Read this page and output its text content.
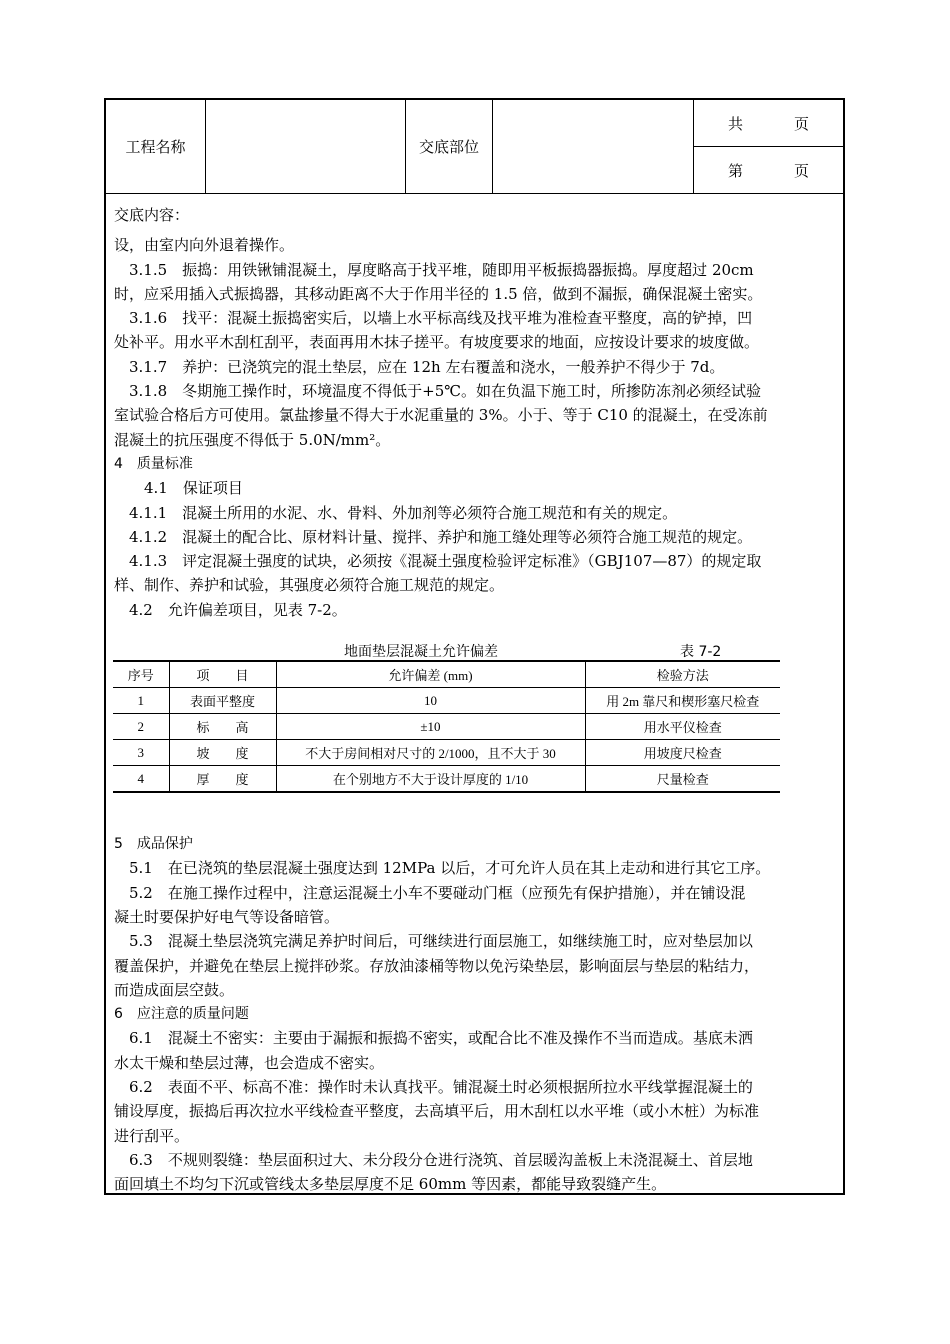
工程名称	交底部位
共	页
第	页
交底内容：
设，由室内向外退着操作。
　3.1.5　振捣：用铁锹铺混凝土，厚度略高于找平堆，随即用平板振捣器振捣。厚度超过 20cm
时，应采用插入式振捣器，其移动距离不大于作用半径的 1.5 倍，做到不漏振，确保混凝土密实。
　3.1.6　找平：混凝土振捣密实后，以墙上水平标高线及找平堆为准检查平整度，高的铲掉，凹
处补平。用水平木刮杠刮平，表面再用木抹子搓平。有坡度要求的地面，应按设计要求的坡度做。
　3.1.7　养护：已浇筑完的混土垫层，应在 12h 左右覆盖和浇水，一般养护不得少于 7d。
　3.1.8　冬期施工操作时，环境温度不得低于+5℃。如在负温下施工时，所掺防冻剂必须经试验
室试验合格后方可使用。氯盐掺量不得大于水泥重量的 3%。小于、等于 C10 的混凝土，在受冻前
混凝土的抗压强度不得低于 5.0N/mm²。
4　质量标准
　　4.1　保证项目
　4.1.1　混凝土所用的水泥、水、骨料、外加剂等必须符合施工规范和有关的规定。
　4.1.2　混凝土的配合比、原材料计量、搅拌、养护和施工缝处理等必须符合施工规范的规定。
　4.1.3　评定混凝土强度的试块，必须按《混凝土强度检验评定标准》（GBJ107—87）的规定取
样、制作、养护和试验，其强度必须符合施工规范的规定。
　4.2　允许偏差项目，见表 7-2。
5　成品保护
　5.1　在已浇筑的垫层混凝土强度达到 12MPa 以后，才可允许人员在其上走动和进行其它工序。
　5.2　在施工操作过程中，注意运混凝土小车不要碰动门框（应预先有保护措施），并在铺设混
凝土时要保护好电气等设备暗管。
　5.3　混凝土垫层浇筑完满足养护时间后，可继续进行面层施工，如继续施工时，应对垫层加以
覆盖保护，并避免在垫层上搅拌砂浆。存放油漆桶等物以免污染垫层，影响面层与垫层的粘结力，
而造成面层空鼓。
6　应注意的质量问题
　6.1　混凝土不密实：主要由于漏振和振捣不密实，或配合比不准及操作不当而造成。基底未洒
水太干燥和垫层过薄，也会造成不密实。
　6.2　表面不平、标高不准：操作时未认真找平。铺混凝土时必须根据所拉水平线掌握混凝土的
铺设厚度，振捣后再次拉水平线检查平整度，去高填平后，用木刮杠以水平堆（或小木桩）为标准
进行刮平。
　6.3　不规则裂缝：垫层面积过大、未分段分仓进行浇筑、首层暖沟盖板上未浇混凝土、首层地
面回填土不均匀下沉或管线太多垫层厚度不足 60mm 等因素，都能导致裂缝产生。
地面垫层混凝土允许偏差	表 7-2
序号	项　　目	允许偏差 (mm)	检验方法
1	表面平整度	10	用 2m 靠尺和楔形塞尺检查
2	标　　高	±10	用水平仪检查
3	坡　　度	不大于房间相对尺寸的 2/1000，且不大于 30	用坡度尺检查
4	厚　　度	在个别地方不大于设计厚度的 1/10	尺量检查
